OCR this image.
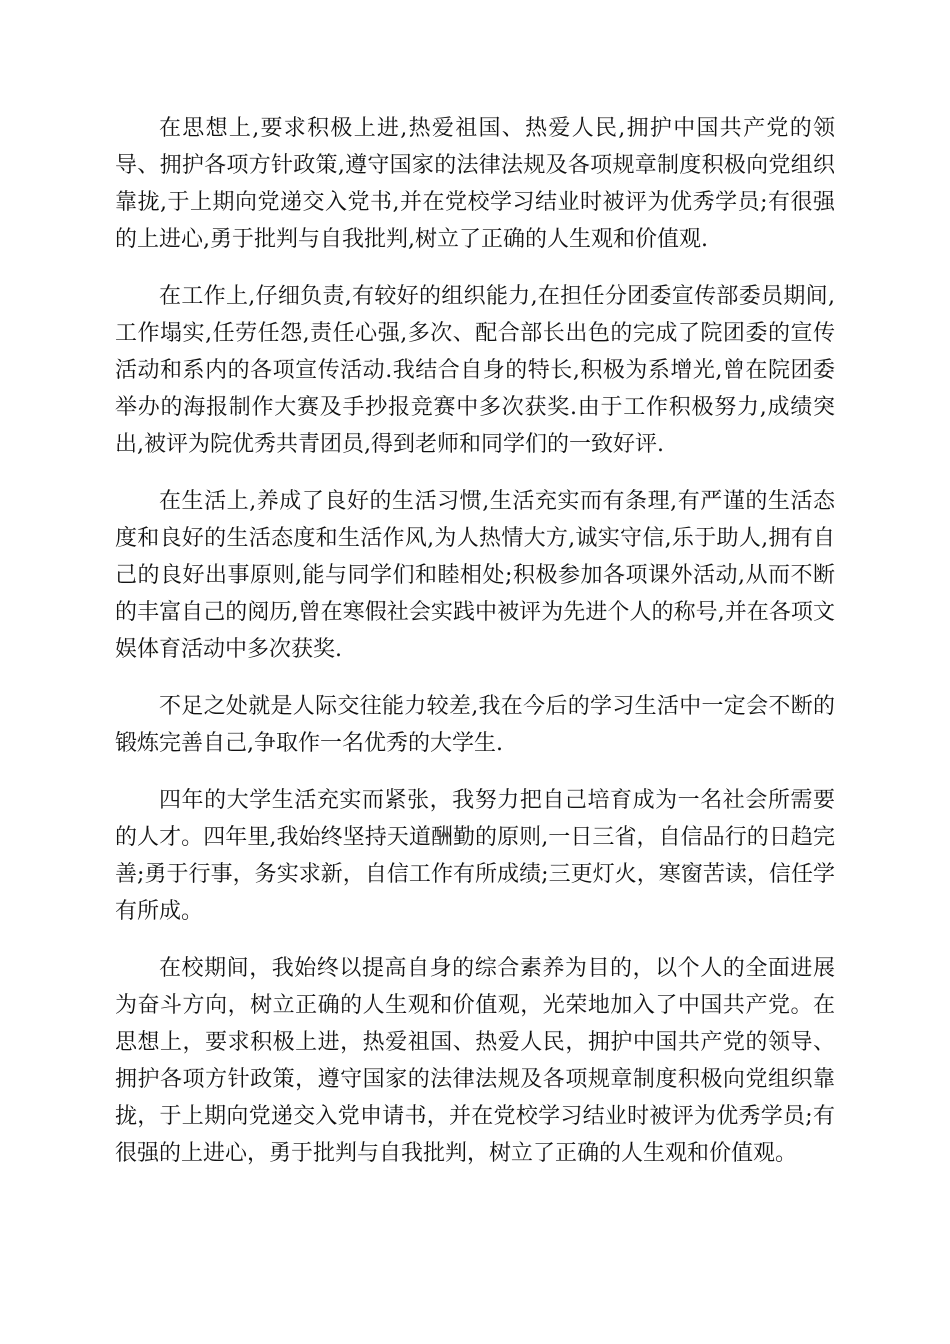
在思想上,要求积极上进,热爱祖国、热爱人民,拥护中国共产党的领导、拥护各项方针政策,遵守国家的法律法规及各项规章制度积极向党组织靠拢,于上期向党递交入党书,并在党校学习结业时被评为优秀学员;有很强的上进心,勇于批判与自我批判,树立了正确的人生观和价值观.

在工作上,仔细负责,有较好的组织能力,在担任分团委宣传部委员期间,工作塌实,任劳任怨,责任心强,多次、配合部长出色的完成了院团委的宣传活动和系内的各项宣传活动.我结合自身的特长,积极为系增光,曾在院团委举办的海报制作大赛及手抄报竞赛中多次获奖.由于工作积极努力,成绩突出,被评为院优秀共青团员,得到老师和同学们的一致好评.

在生活上,养成了良好的生活习惯,生活充实而有条理,有严谨的生活态度和良好的生活态度和生活作风,为人热情大方,诚实守信,乐于助人,拥有自己的良好出事原则,能与同学们和睦相处;积极参加各项课外活动,从而不断的丰富自己的阅历,曾在寒假社会实践中被评为先进个人的称号,并在各项文娱体育活动中多次获奖.

不足之处就是人际交往能力较差,我在今后的学习生活中一定会不断的锻炼完善自己,争取作一名优秀的大学生.

四年的大学生活充实而紧张，我努力把自己培育成为一名社会所需要的人才。四年里,我始终坚持天道酬勤的原则,一日三省，自信品行的日趋完善;勇于行事，务实求新，自信工作有所成绩;三更灯火，寒窗苦读，信任学有所成。

在校期间，我始终以提高自身的综合素养为目的，以个人的全面进展为奋斗方向，树立正确的人生观和价值观，光荣地加入了中国共产党。在思想上，要求积极上进，热爱祖国、热爱人民，拥护中国共产党的领导、拥护各项方针政策，遵守国家的法律法规及各项规章制度积极向党组织靠拢，于上期向党递交入党申请书，并在党校学习结业时被评为优秀学员;有很强的上进心，勇于批判与自我批判，树立了正确的人生观和价值观。
